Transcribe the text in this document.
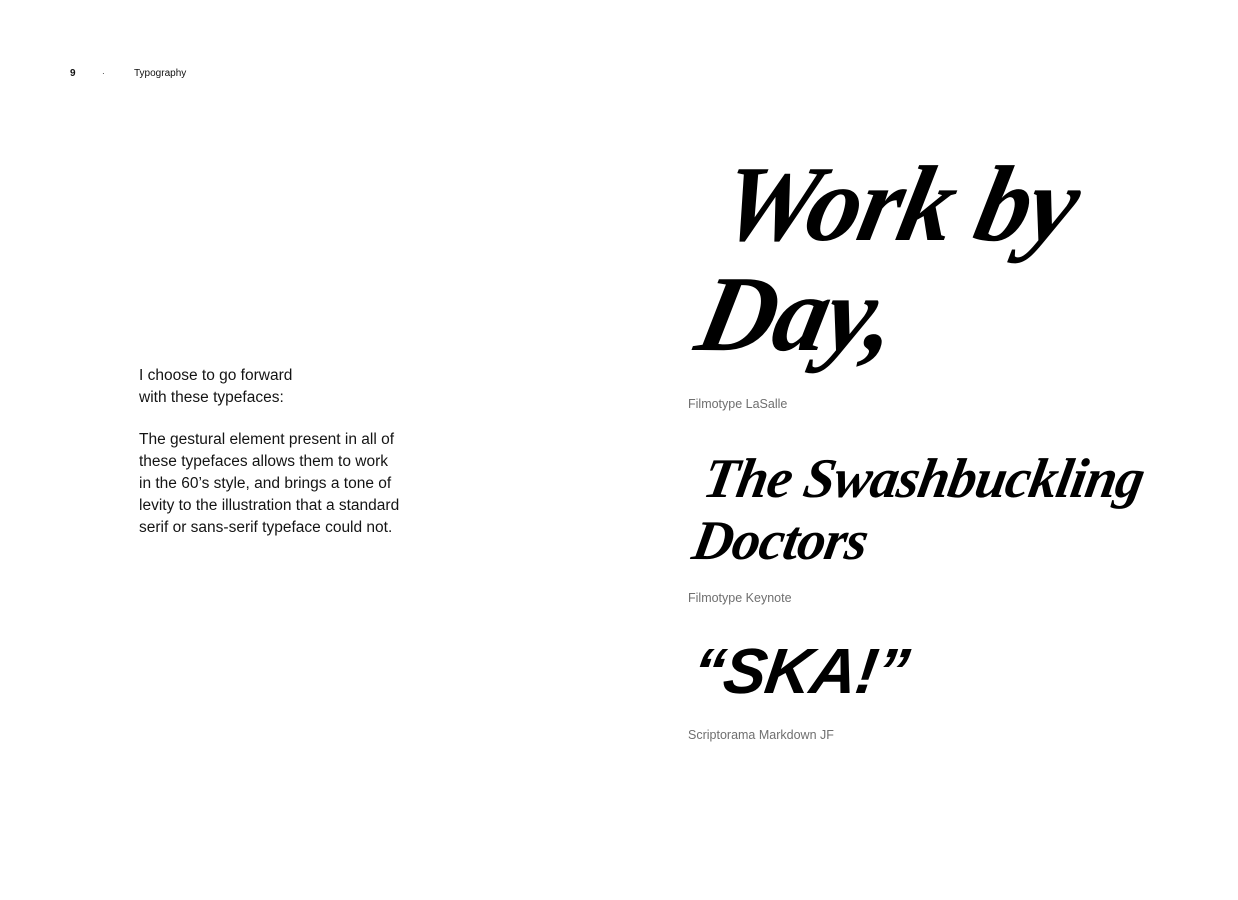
9	·	Typography

I choose to go forward
with these typefaces:

The gestural element present in all of
these typefaces allows them to work
in the 60’s style, and brings a tone of
levity to the illustration that a standard
serif or sans-serif typeface could not.

Work by
Day,
Filmotype LaSalle
The Swashbuckling
Doctors
Filmotype Keynote
“SKA!”
Scriptorama Markdown JF
